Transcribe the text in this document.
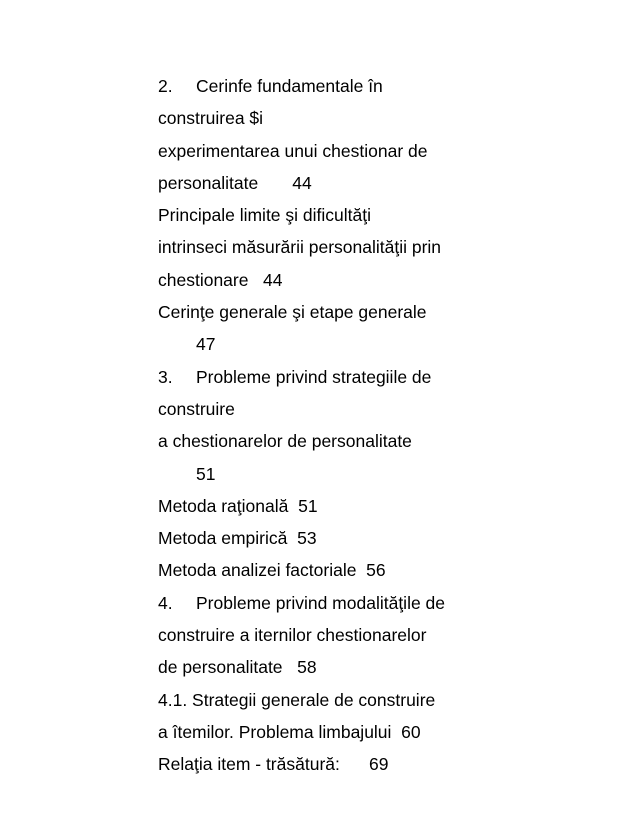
2. Cerinfe fundamentale în

construirea $i

experimentarea unui chestionar de

personalitate       44

Principale limite şi dificultăţi

intrinseci măsurării personalităţii prin

chestionare   44

Cerinţe generale şi etape generale

47

3. Probleme privind strategiile de

construire

a chestionarelor de personalitate

51

Metoda raţională  51

Metoda empirică  53

Metoda analizei factoriale  56

4. Probleme privind modalităţile de

construire a iternilor chestionarelor

de personalitate   58

4.1. Strategii generale de construire

a îtemilor. Problema limbajului  60

Relaţia item - trăsătură:      69
